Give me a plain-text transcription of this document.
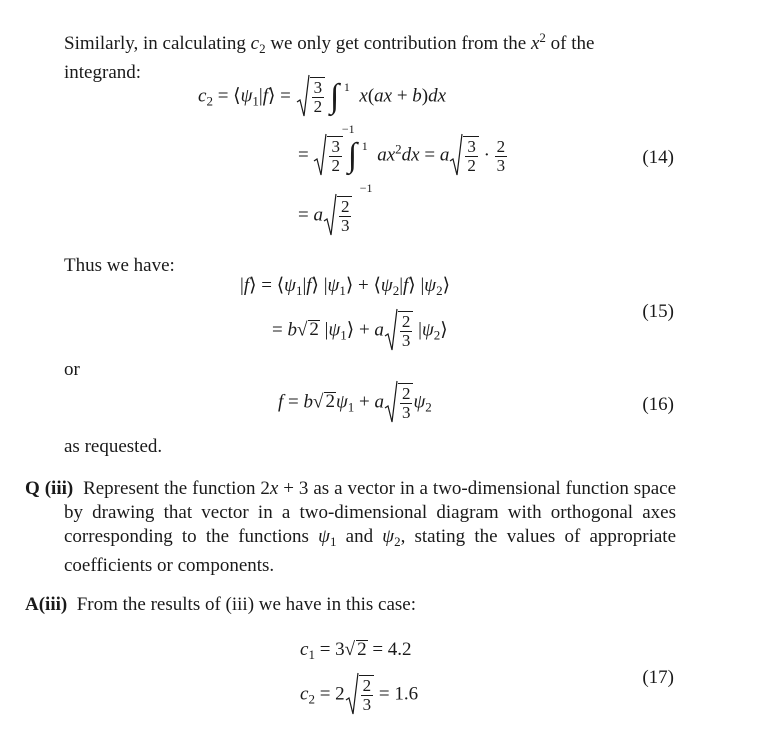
Similarly, in calculating $c_2$ we only get contribution from the $x^2$ of the
integrand:
$c_2$ = $⟨\psi_1|f⟩ = \frac{3}{2}$ ∫ 1
−1
x(ax + b)dx
= $\frac{3}{2}$ ∫ 1
−1
$ax^2dx = a \frac{3}{2} \cdot \frac{2}{3}$
= a $\frac{2}{3}$
(14)
Thus we have:
|f⟩ = $⟨\psi_1|f⟩$ $|\psi_1⟩$ + $⟨\psi_2|f⟩$ $|\psi_2⟩$
= b√ 2 $|\psi_1⟩ + a \frac{2}{3}$ $|\psi_2⟩$
(15)
or
f = b√ $2\psi_1 + a \frac{2}{3} \psi_2$	(16)
as requested.
Q (iii) Represent the function 2x + 3 as a vector in a two-dimensional function space by drawing that vector in a two-dimensional diagram with orthogonal axes corresponding to the functions $\psi_1$ and $\psi_2$, stating the values of appropriate coefficients or components.
A(iii) From the results of (iii) we have in this case:
$c_1 = 3√$ 2 = 4.2
$c_2 = 2 \frac{2}{3} = 1.6$
(17)
